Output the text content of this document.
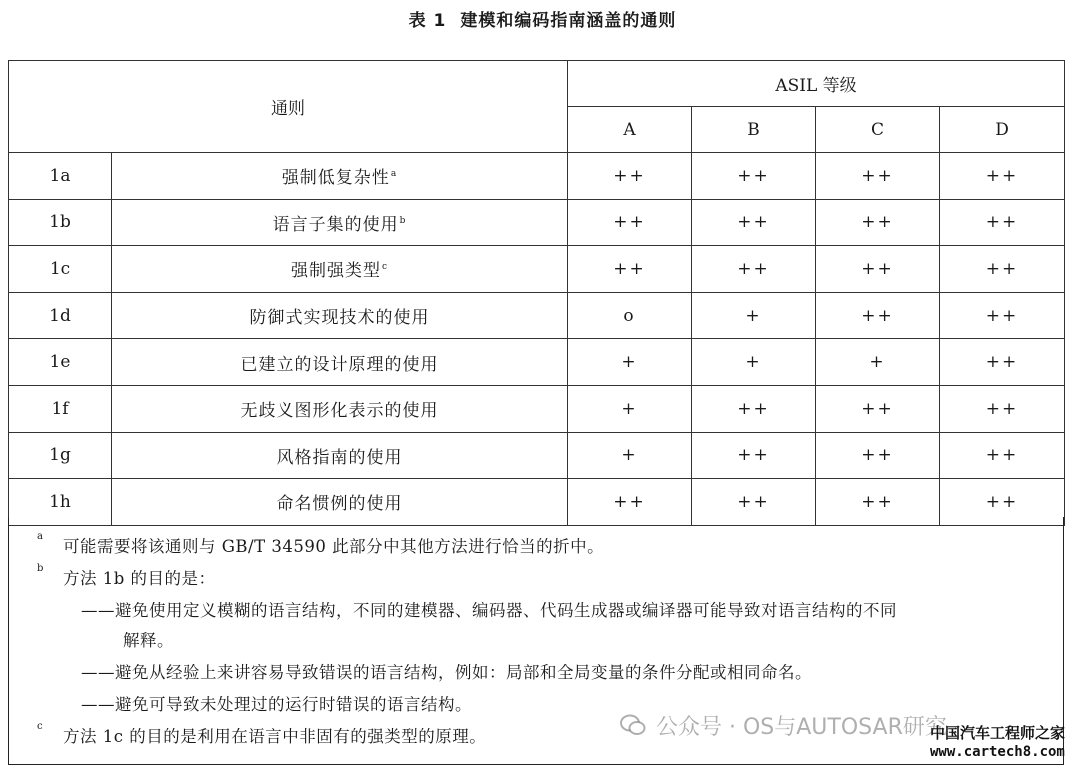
表 1 建模和编码指南涵盖的通则
通则		ASIL 等级			
		A	B	C	D
1a	强制低复杂性$^a$	++	++	++	++
1b	语言子集的使用$^b$	++	++	++	++
1c	强制强类型$^c$	++	++	++	++
1d	防御式实现技术的使用	o	+	++	++
1e	已建立的设计原理的使用	+	+	+	++
1f	无歧义图形化表示的使用	+	++	++	++
1g	风格指南的使用	+	++	++	++
1h	命名惯例的使用	++	++	++	++
a
可能需要将该通则与 GB/T 34590 此部分中其他方法进行恰当的折中。
b
方法 1b 的目的是：
——避免使用定义模糊的语言结构，不同的建模器、编码器、代码生成器或编译器可能导致对语言结构的不同
解释。
——避免从经验上来讲容易导致错误的语言结构，例如：局部和全局变量的条件分配或相同命名。
——避免可导致未处理过的运行时错误的语言结构。
c
方法 1c 的目的是利用在语言中非固有的强类型的原理。	公众号 · OS与AUTOSAR研究
中国汽车工程师之家
www.cartech8.com
